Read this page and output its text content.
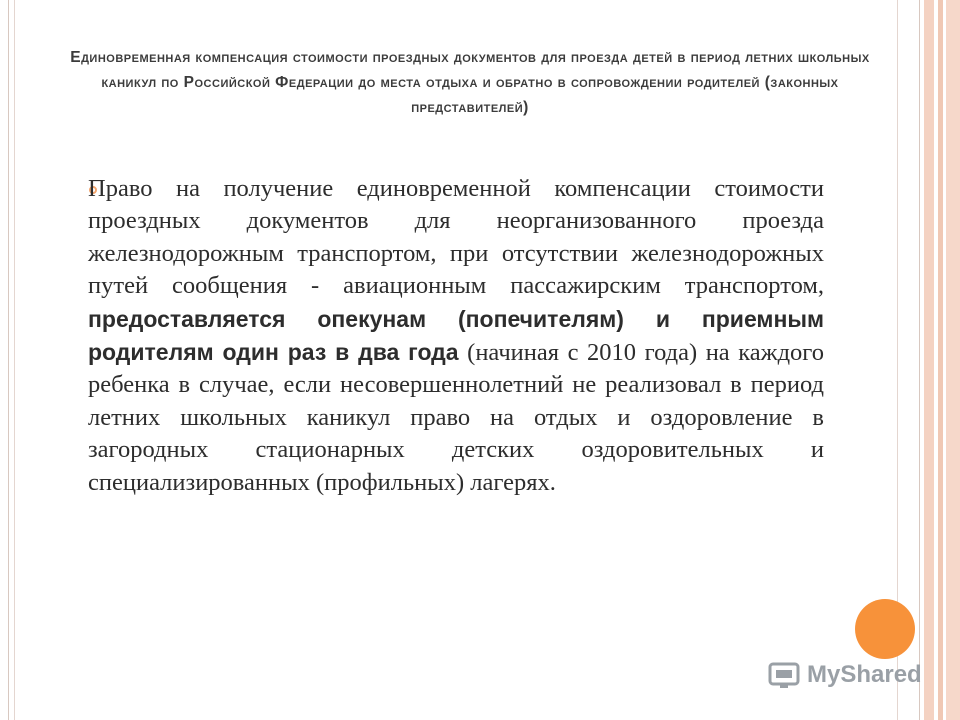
Единовременная компенсация стоимости проездных документов для проезда детей в период летних школьных каникул по Российской Федерации до места отдыха и обратно в сопровождении родителей (законных представителей)
Право на получение единовременной компенсации стоимости проездных документов для неорганизованного проезда железнодорожным транспортом, при отсутствии железнодорожных путей сообщения - авиационным пассажирским транспортом, предоставляется опекунам (попечителям) и приемным родителям один раз в два года (начиная с 2010 года) на каждого ребенка в случае, если несовершеннолетний не реализовал в период летних школьных каникул право на отдых и оздоровление в загородных стационарных детских оздоровительных и специализированных (профильных) лагерях.
MyShared
